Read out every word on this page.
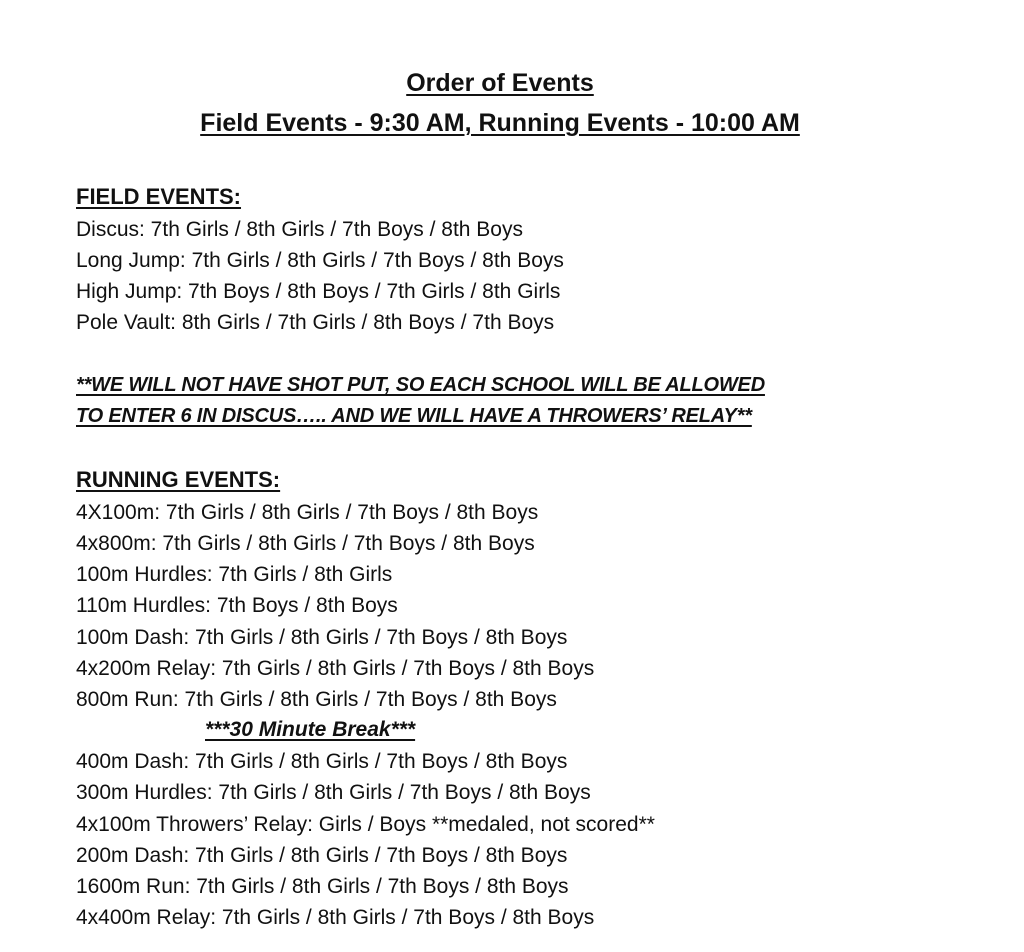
Order of Events
Field Events - 9:30 AM, Running Events - 10:00 AM
FIELD EVENTS:
Discus: 7th Girls / 8th Girls / 7th Boys / 8th Boys
Long Jump: 7th Girls / 8th Girls / 7th Boys / 8th Boys
High Jump: 7th Boys / 8th Boys / 7th Girls / 8th Girls
Pole Vault: 8th Girls / 7th Girls / 8th Boys / 7th Boys
**WE WILL NOT HAVE SHOT PUT, SO EACH SCHOOL WILL BE ALLOWED
TO ENTER 6 IN DISCUS….. AND WE WILL HAVE A THROWERS’ RELAY**
RUNNING EVENTS:
4X100m: 7th Girls / 8th Girls / 7th Boys / 8th Boys
4x800m: 7th Girls / 8th Girls / 7th Boys / 8th Boys
100m Hurdles: 7th Girls / 8th Girls
110m Hurdles: 7th Boys / 8th Boys
100m Dash: 7th Girls / 8th Girls / 7th Boys / 8th Boys
4x200m Relay: 7th Girls / 8th Girls / 7th Boys / 8th Boys
800m Run: 7th Girls / 8th Girls / 7th Boys / 8th Boys
***30 Minute Break***
400m Dash: 7th Girls / 8th Girls / 7th Boys / 8th Boys
300m Hurdles: 7th Girls / 8th Girls / 7th Boys / 8th Boys
4x100m Throwers’ Relay: Girls / Boys **medaled, not scored**
200m Dash: 7th Girls / 8th Girls / 7th Boys / 8th Boys
1600m Run: 7th Girls / 8th Girls / 7th Boys / 8th Boys
4x400m Relay: 7th Girls / 8th Girls / 7th Boys / 8th Boys
